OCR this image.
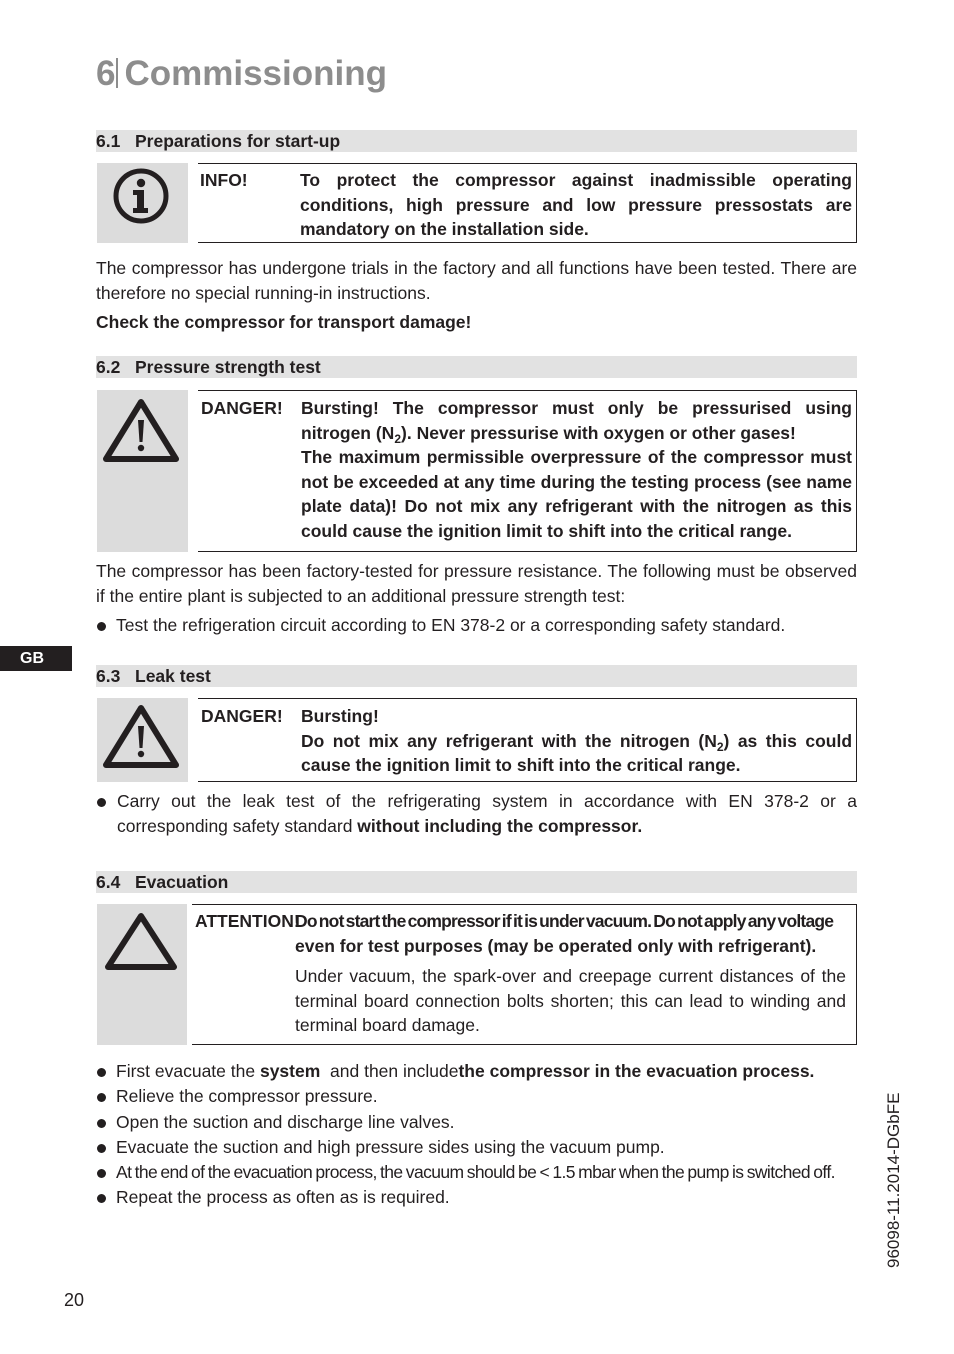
6 Commissioning
6.1 Preparations for start-up
INFO!	To protect the compressor against inadmissible operating conditions, high pressure and low pressure pressostats are mandatory on the installation side.
The compressor has undergone trials in the factory and all functions have been tested. There are therefore no special running-in instructions.
Check the compressor for transport damage!
6.2 Pressure strength test
DANGER! Bursting! The compressor must only be pressurised using nitrogen $(N_2)$. Never pressurise with oxygen or other gases!
The maximum permissible overpressure of the compressor must not be exceeded at any time during the testing process (see name plate data)! Do not mix any refrigerant with the nitrogen as this could cause the ignition limit to shift into the critical range.
The compressor has been factory-tested for pressure resistance. The following must be observed if the entire plant is subjected to an additional pressure strength test:
Test the refrigeration circuit according to EN 378-2 or a corresponding safety standard.
GB
6.3 Leak test
DANGER! Bursting!
Do not mix any refrigerant with the nitrogen $(N_2)$ as this could cause the ignition limit to shift into the critical range.
Carry out the leak test of the refrigerating system in accordance with EN 378-2 or a corresponding safety standard without including the compressor.
6.4 Evacuation
ATTENTION!
Do not start the compressor if it is under vacuum. Do not apply any voltage
even for test purposes (may be operated only with refrigerant).
Under vacuum, the spark-over and creepage current distances of the terminal board connection bolts shorten; this can lead to winding and terminal board damage.
First evacuate the system  and then includethe compressor in the evacuation process.
Relieve the compressor pressure.
Open the suction and discharge line valves.
Evacuate the suction and high pressure sides using the vacuum pump.
At the end of the evacuation process, the vacuum should be < 1.5 mbar when the pump is switched off.
Repeat the process as often as is required.
20
96098-11.2014-DGbFE
